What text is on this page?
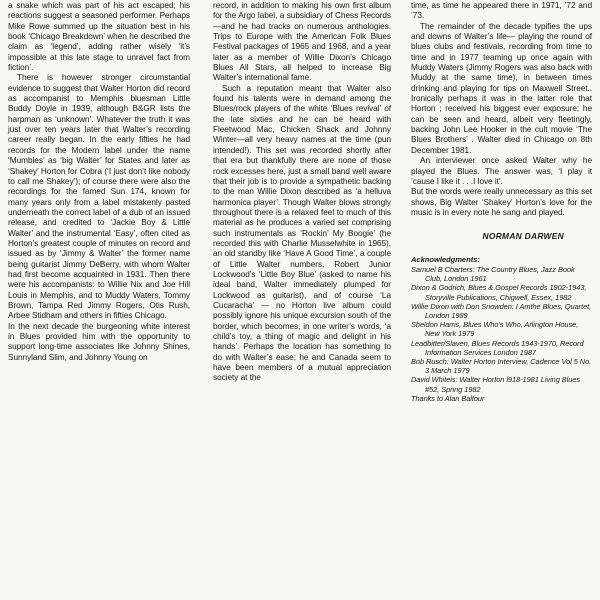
a snake which was part of his act escaped; his reactions suggest a seasoned performer. Perhaps Mike Rowe summed up the situation best in his book ‘Chicago Breakdown’ when he described the claim as ‘legend’, adding rather wisely ‘it’s impossible at this late stage to unravel fact from fiction’.

There is however stronger circumstantial evidence to suggest that Walter Horton did record as accompanist to Memphis bluesman Little Buddy Doyle in 1939, although B&GR lists the harpman as ‘unknown’. Whatever the truth it was just over ten years later that Walter’s recording career really began. In the early fifties he had records for the Modern label under the name ‘Mumbles’ as ‘big Walter’ for States and later as ‘Shakey’ Horton for Cobra (‘I just don’t like nobody to call me Shakey’); of course there were also the recordings for the famed Sun 174, known for many years only from a label mistakenly pasted underneath the correct label of a dub of an issued release, and credited to ‘Jackie Boy & Little Walter’ and the instrumental ‘Easy’, often cited as Horton’s greatest couple of minutes on record and issued as by ‘Jimmy & Walter’ the former name being guitarist Jimmy DeBerry, with whom Walter had first become acquainted in 1931. Then there were his accompanists: to Willie Nix and Joe Hill Louis in Memphis, and to Muddy Waters, Tommy Brown, Tampa Red Jimmy Rogers, Otis Rush, Arbee Stidham and others in fifties Chicago.

In the next decade the burgeoning white interest in Blues provided him with the opportunity to support long-time associates like Johnny Shines, Sunnyland Slim, and Johnny Young on

record, in addition to making his own first album for the Argo label, a subsidiary of Chess Records—and he had tracks on numerous anthologies. Trips to Europe with the American Folk Blues Festival packages of 1965 and 1968, and a year later as a member of Willie Dixon’s Chicago Blues All Stars, all helped to increase Big Walter’s international fame.

Such a reputation meant that Walter also found his talents were in demand among the Blues/rock players of the white ‘Blues revival’ of the late sixties and he can be heard with Fleetwood Mac, Chicken Shack and Johnny Winter—all very heavy names at the time (pun intended!). This set was recorded shortly after that era but thankfully there are none of those rock excesses here, just a small band well aware that their job is to provide a sympathetic backing to the man Willie Dixon described as ‘a helluva harmonica player’. Though Walter blows strongly throughout there is a relaxed feel to much of this material as he produces a varied set comprising such instrumentals as ‘Rockin’ My Boogie’ (he recorded this with Charlie Musselwhite in 1965), an old standby like ‘Have A Good Time’, a couple of Little Walter numbers, Robert Junior Lockwood’s ‘Little Boy Blue’ (asked to name his ideal band, Walter immediately plumped for Lockwood as guitarist), and of course ‘La Cucaracha’ — no Horton live album could possibly ignore his unique excursion south of the border, which becomes, in one writer’s words, ‘a child’s toy, a thing of magic and delight in his hands’. Perhaps the location has something to do with Walter’s ease; he and Canada seem to have been members of a mutual appreciation society at the

time, as time he appeared there in 1971, ’72 and ’73.

The remainder of the decade typifies the ups and downs of Walter’s life— playing the round of blues clubs and festivals, recording from time to time and in 1977 teaming up once again with Muddy Waters (Jimmy Rogers was also back with Muddy at the same time), in between times drinking and playing for tips on Maxwell Street.. Ironically perhaps it was in the latter role that Horton ; received his biggest ever exposure; he can be seen and heard, albeit very fleetingly, backing John Lee Hooker in the cult movie ‘The Blues Brothers’ . Walter died in Chicago on 8th December 1981.

An interviewer once asked Walter why he played the Blues. The answer was, ‘I play it ’cause I like it . . .I love it’.

But the words were really unnecessary as this set shows, Big Walter ‘Shakey’ Horton’s love for the music is in every note he sang and played.

NORMAN DARWEN
Acknowledgments:
Samuel B Charters: The Country Blues, Jazz Book Club, London 1961
Dixon & Godrich, Blues & Gospel Records 1902-1943, Storyville Publications, Chigwell, Essex, 1982
Willie Dixon with Don Snowden: I Amthe Blues, Quartet, London 1989
Sheldon Harris, Blues Who’s Who, Arlington House, New York 1979
Leadbitter/Slaven, Blues Records 1943-1970, Record Information Services London 1987
Bob Rusch: Walter Horton Interview, Cadence Vol 5 No. 3 March 1979
David Whiteis: Walter Horton l918-1981 Living Blues #52, Spring 1982
Thanks to Alan Balfour
